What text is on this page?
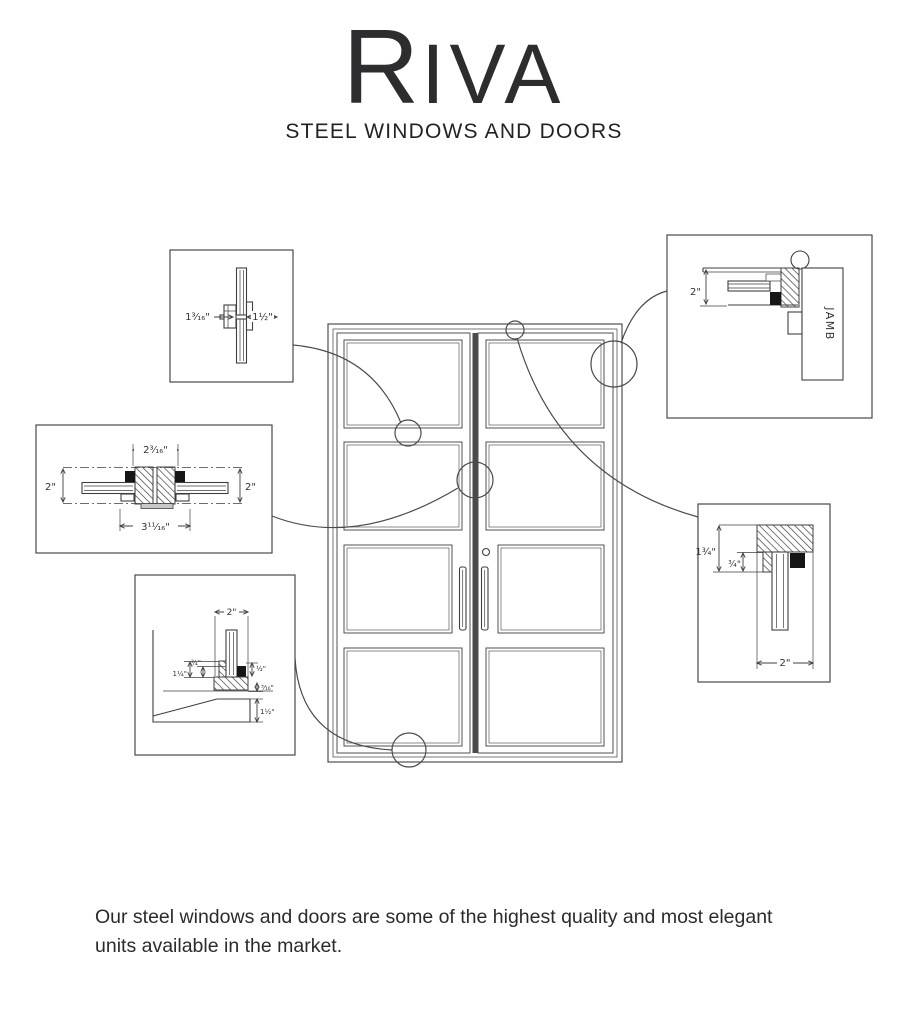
1³⁄₁₆"	1½"	JAMB
2"
2³⁄₁₆"
2"	2"
3¹¹⁄₁₆"
2"
1¼"
¾"
½"
³⁄₁₆"
1½"
1¾"
¾"
2"
RIVA
STEEL WINDOWS AND DOORS
Our steel windows and doors are some of the highest quality and most elegant units available in the market.
